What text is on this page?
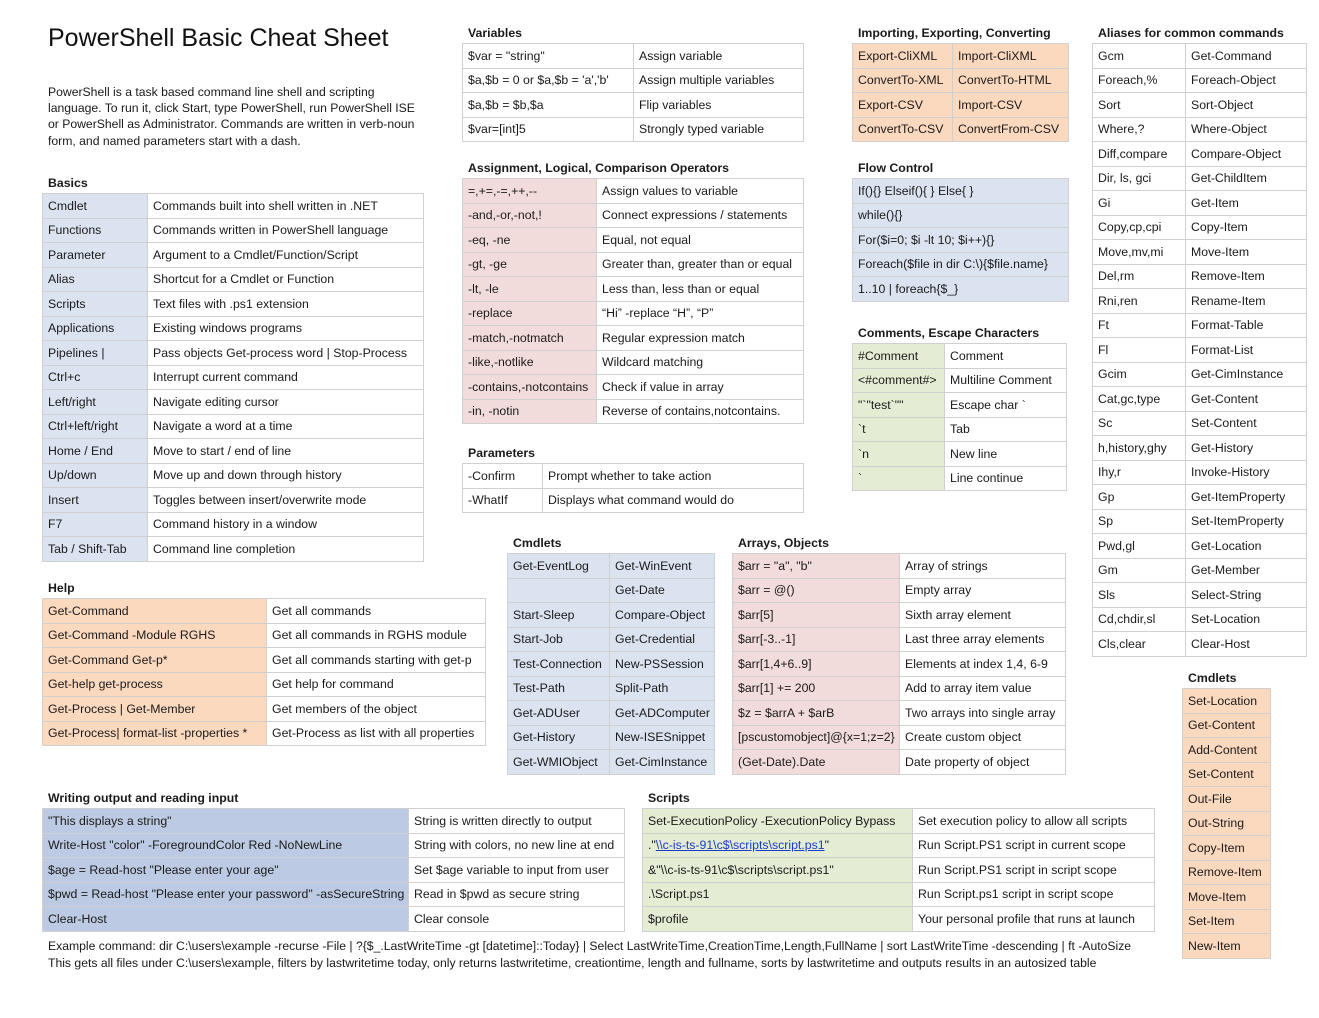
PowerShell Basic Cheat Sheet

PowerShell is a task based command line shell and scripting language. To run it, click Start, type PowerShell, run PowerShell ISE or PowerShell as Administrator. Commands are written in verb-noun form, and named parameters start with a dash.

Basics
Cmdlet	Commands built into shell written in .NET
Functions	Commands written in PowerShell language
Parameter	Argument to a Cmdlet/Function/Script
Alias	Shortcut for a Cmdlet or Function
Scripts	Text files with .ps1 extension
Applications	Existing windows programs
Pipelines |	Pass objects Get-process word | Stop-Process
Ctrl+c	Interrupt current command
Left/right	Navigate editing cursor
Ctrl+left/right	Navigate a word at a time
Home / End	Move to start / end of line
Up/down	Move up and down through history
Insert	Toggles between insert/overwrite mode
F7	Command history in a window
Tab / Shift-Tab	Command line completion
Help
Get-Command	Get all commands
Get-Command -Module RGHS	Get all commands in RGHS module
Get-Command Get-p*	Get all commands starting with get-p
Get-help get-process	Get help for command
Get-Process | Get-Member	Get members of the object
Get-Process| format-list -properties *	Get-Process as list with all properties
Writing output and reading input
"This displays a string"	String is written directly to output
Write-Host "color" -ForegroundColor Red -NoNewLine	String with colors, no new line at end
$age = Read-host "Please enter your age"	Set $age variable to input from user
$pwd = Read-host "Please enter your password" -asSecureString	Read in $pwd as secure string
Clear-Host	Clear console
Variables
$var = "string"	Assign variable
$a,$b = 0 or $a,$b = 'a','b'	Assign multiple variables
$a,$b = $b,$a	Flip variables
$var=[int]5	Strongly typed variable
Assignment, Logical, Comparison Operators
=,+=,-=,++,--	Assign values to variable
-and,-or,-not,!	Connect expressions / statements
-eq, -ne	Equal, not equal
-gt, -ge	Greater than, greater than or equal
-lt, -le	Less than, less than or equal
-replace	“Hi” -replace “H”, “P”
-match,-notmatch	Regular expression match
-like,-notlike	Wildcard matching
-contains,-notcontains	Check if value in array
-in, -notin	Reverse of contains,notcontains.
Parameters
-Confirm	Prompt whether to take action
-WhatIf	Displays what command would do
Cmdlets
Get-EventLog	Get-WinEvent
	Get-Date
Start-Sleep	Compare-Object
Start-Job	Get-Credential
Test-Connection	New-PSSession
Test-Path	Split-Path
Get-ADUser	Get-ADComputer
Get-History	New-ISESnippet
Get-WMIObject	Get-CimInstance
Arrays, Objects
$arr = "a", "b"	Array of strings
$arr = @()	Empty array
$arr[5]	Sixth array element
$arr[-3..-1]	Last three array elements
$arr[1,4+6..9]	Elements at index 1,4, 6-9
$arr[1] += 200	Add to array item value
$z = $arrA + $arB	Two arrays into single array
[pscustomobject]@{x=1;z=2}	Create custom object
(Get-Date).Date	Date property of object
Scripts
Set-ExecutionPolicy -ExecutionPolicy Bypass	Set execution policy to allow all scripts
."\\c-is-ts-91\c$\scripts\script.ps1"	Run Script.PS1 script in current scope
&"\\c-is-ts-91\c$\scripts\script.ps1"	Run Script.PS1 script in script scope
.\Script.ps1	Run Script.ps1 script in script scope
$profile	Your personal profile that runs at launch
Importing, Exporting, Converting
Export-CliXML	Import-CliXML
ConvertTo-XML	ConvertTo-HTML
Export-CSV	Import-CSV
ConvertTo-CSV	ConvertFrom-CSV
Flow Control
If(){} Elseif(){ } Else{ }
while(){}
For($i=0; $i -lt 10; $i++){}
Foreach($file in dir C:\){$file.name}
1..10 | foreach{$_}
Comments, Escape Characters
#Comment	Comment
<#comment#>	Multiline Comment
"`"test`""	Escape char `
`t	Tab
`n	New line
`	Line continue
Aliases for common commands
Gcm	Get-Command
Foreach,%	Foreach-Object
Sort	Sort-Object
Where,?	Where-Object
Diff,compare	Compare-Object
Dir, ls, gci	Get-ChildItem
Gi	Get-Item
Copy,cp,cpi	Copy-Item
Move,mv,mi	Move-Item
Del,rm	Remove-Item
Rni,ren	Rename-Item
Ft	Format-Table
Fl	Format-List
Gcim	Get-CimInstance
Cat,gc,type	Get-Content
Sc	Set-Content
h,history,ghy	Get-History
Ihy,r	Invoke-History
Gp	Get-ItemProperty
Sp	Set-ItemProperty
Pwd,gl	Get-Location
Gm	Get-Member
Sls	Select-String
Cd,chdir,sl	Set-Location
Cls,clear	Clear-Host
Cmdlets
Set-Location
Get-Content
Add-Content
Set-Content
Out-File
Out-String
Copy-Item
Remove-Item
Move-Item
Set-Item
New-Item
Example command: dir C:\users\example -recurse -File | ?{$_.LastWriteTime -gt [datetime]::Today} | Select LastWriteTime,CreationTime,Length,FullName | sort LastWriteTime -descending | ft -AutoSize
This gets all files under C:\users\example, filters by lastwritetime today, only returns lastwritetime, creationtime, length and fullname, sorts by lastwritetime and outputs results in an autosized table
